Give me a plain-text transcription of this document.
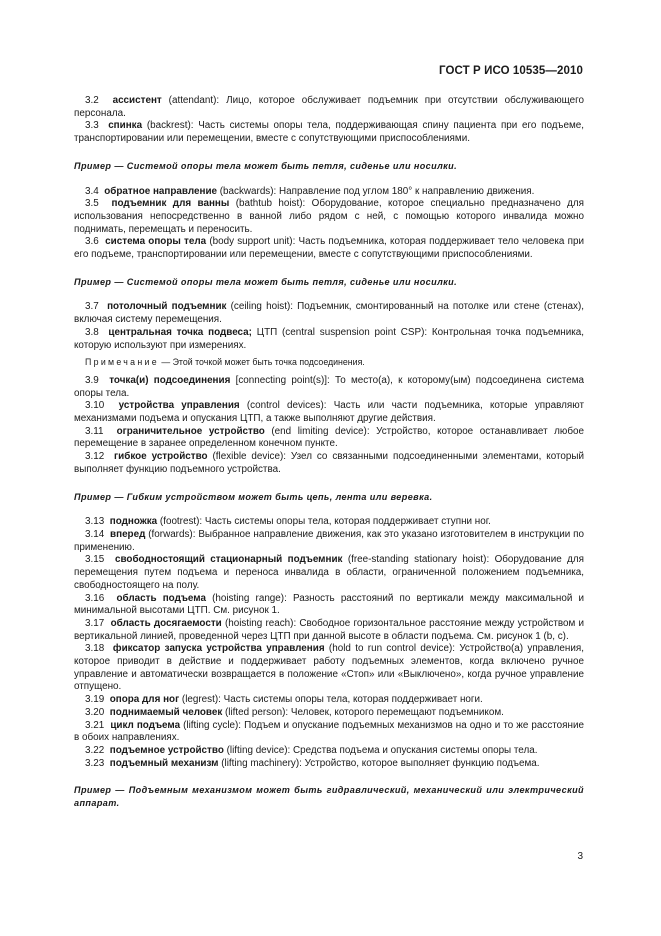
ГОСТ Р ИСО 10535—2010

3.2 ассистент (attendant): Лицо, которое обслуживает подъемник при отсутствии обслуживающего персонала.

3.3 спинка (backrest): Часть системы опоры тела, поддерживающая спину пациента при его подъеме, транспортировании или перемещении, вместе с сопутствующими приспособлениями.

Пример — Системой опоры тела может быть петля, сиденье или носилки.

3.4 обратное направление (backwards): Направление под углом 180° к направлению движения.

3.5 подъемник для ванны (bathtub hoist): Оборудование, которое специально предназначено для использования непосредственно в ванной либо рядом с ней, с помощью которого инвалида можно поднимать, перемещать и переносить.

3.6 система опоры тела (body support unit): Часть подъемника, которая поддерживает тело человека при его подъеме, транспортировании или перемещении, вместе с сопутствующими приспособлениями.

Пример — Системой опоры тела может быть петля, сиденье или носилки.

3.7 потолочный подъемник (ceiling hoist): Подъемник, смонтированный на потолке или стене (стенах), включая систему перемещения.

3.8 центральная точка подвеса; ЦТП (central suspension point CSP): Контрольная точка подъемника, которую используют при измерениях.

Примечание — Этой точкой может быть точка подсоединения.

3.9 точка(и) подсоединения [connecting point(s)]: То место(а), к которому(ым) подсоединена система опоры тела.

3.10 устройства управления (control devices): Часть или части подъемника, которые управляют механизмами подъема и опускания ЦТП, а также выполняют другие действия.

3.11 ограничительное устройство (end limiting device): Устройство, которое останавливает любое перемещение в заранее определенном конечном пункте.

3.12 гибкое устройство (flexible device): Узел со связанными подсоединенными элементами, который выполняет функцию подъемного устройства.

Пример — Гибким устройством может быть цепь, лента или веревка.

3.13 подножка (footrest): Часть системы опоры тела, которая поддерживает ступни ног.

3.14 вперед (forwards): Выбранное направление движения, как это указано изготовителем в инструкции по применению.

3.15 свободностоящий стационарный подъемник (free-standing stationary hoist): Оборудование для перемещения путем подъема и переноса инвалида в области, ограниченной положением подъемника, свободностоящего на полу.

3.16 область подъема (hoisting range): Разность расстояний по вертикали между максимальной и минимальной высотами ЦТП. См. рисунок 1.

3.17 область досягаемости (hoisting reach): Свободное горизонтальное расстояние между устройством и вертикальной линией, проведенной через ЦТП при данной высоте в области подъема. См. рисунок 1 (b, c).

3.18 фиксатор запуска устройства управления (hold to run control device): Устройство(а) управления, которое приводит в действие и поддерживает работу подъемных элементов, когда включено ручное управление и автоматически возвращается в положение «Стоп» или «Выключено», когда ручное управление отпущено.

3.19 опора для ног (legrest): Часть системы опоры тела, которая поддерживает ноги.

3.20 поднимаемый человек (lifted person): Человек, которого перемещают подъемником.

3.21 цикл подъема (lifting cycle): Подъем и опускание подъемных механизмов на одно и то же расстояние в обоих направлениях.

3.22 подъемное устройство (lifting device): Средства подъема и опускания системы опоры тела.

3.23 подъемный механизм (lifting machinery): Устройство, которое выполняет функцию подъема.

Пример — Подъемным механизмом может быть гидравлический, механический или электрический аппарат.

3
